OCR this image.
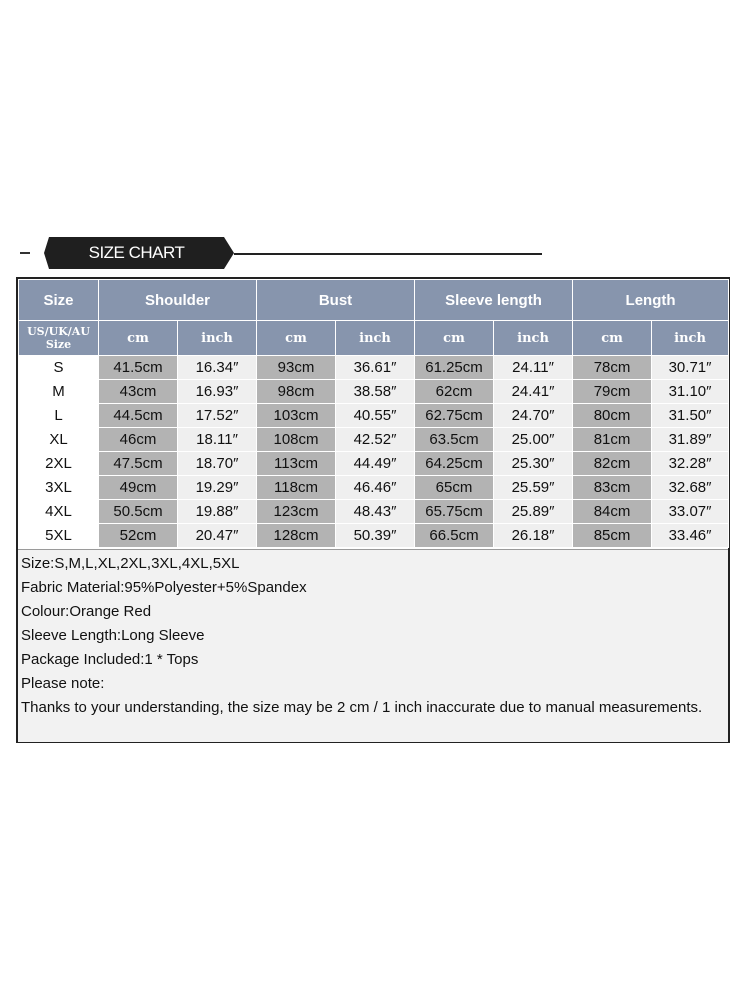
SIZE CHART
Size	Shoulder		Bust		Sleeve length		Length	
US/UK/AU Size	cm	inch	cm	inch	cm	inch	cm	inch
S	41.5cm	16.34″	93cm	36.61″	61.25cm	24.11″	78cm	30.71″
M	43cm	16.93″	98cm	38.58″	62cm	24.41″	79cm	31.10″
L	44.5cm	17.52″	103cm	40.55″	62.75cm	24.70″	80cm	31.50″
XL	46cm	18.11″	108cm	42.52″	63.5cm	25.00″	81cm	31.89″
2XL	47.5cm	18.70″	113cm	44.49″	64.25cm	25.30″	82cm	32.28″
3XL	49cm	19.29″	118cm	46.46″	65cm	25.59″	83cm	32.68″
4XL	50.5cm	19.88″	123cm	48.43″	65.75cm	25.89″	84cm	33.07″
5XL	52cm	20.47″	128cm	50.39″	66.5cm	26.18″	85cm	33.46″
Size:S,M,L,XL,2XL,3XL,4XL,5XL
Fabric Material:95%Polyester+5%Spandex
Colour:Orange Red
Sleeve Length:Long Sleeve
Package Included:1 * Tops
Please note:
Thanks to your understanding, the size may be 2 cm / 1 inch inaccurate due to manual measurements.
